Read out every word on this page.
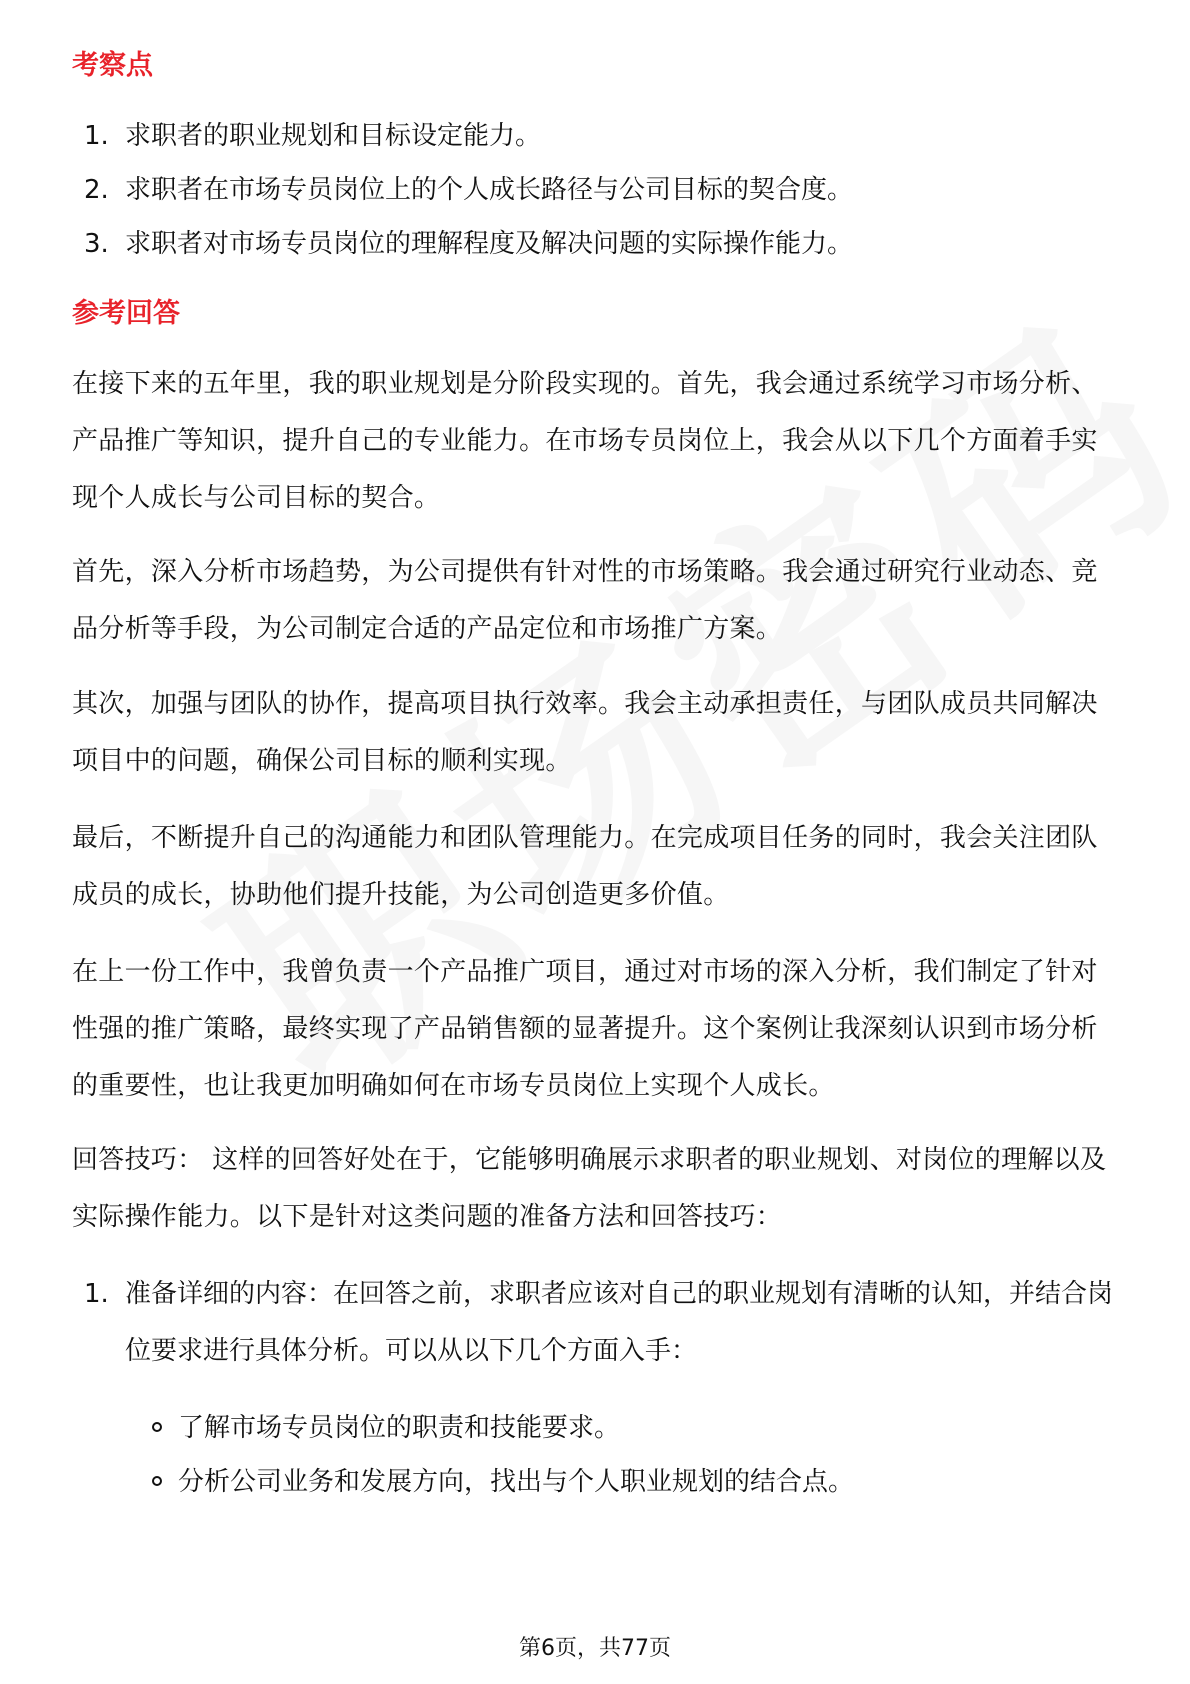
考察点
1. 求职者的职业规划和目标设定能力。
2. 求职者在市场专员岗位上的个人成长路径与公司目标的契合度。
3. 求职者对市场专员岗位的理解程度及解决问题的实际操作能力。
参考回答
在接下来的五年里，我的职业规划是分阶段实现的。首先，我会通过系统学习市场分析、产品推广等知识，提升自己的专业能力。在市场专员岗位上，我会从以下几个方面着手实现个人成长与公司目标的契合。
首先，深入分析市场趋势，为公司提供有针对性的市场策略。我会通过研究行业动态、竞品分析等手段，为公司制定合适的产品定位和市场推广方案。
其次，加强与团队的协作，提高项目执行效率。我会主动承担责任，与团队成员共同解决项目中的问题，确保公司目标的顺利实现。
最后，不断提升自己的沟通能力和团队管理能力。在完成项目任务的同时，我会关注团队成员的成长，协助他们提升技能，为公司创造更多价值。
在上一份工作中，我曾负责一个产品推广项目，通过对市场的深入分析，我们制定了针对性强的推广策略，最终实现了产品销售额的显著提升。这个案例让我深刻认识到市场分析的重要性，也让我更加明确如何在市场专员岗位上实现个人成长。
回答技巧： 这样的回答好处在于，它能够明确展示求职者的职业规划、对岗位的理解以及实际操作能力。以下是针对这类问题的准备方法和回答技巧：
1. 准备详细的内容：在回答之前，求职者应该对自己的职业规划有清晰的认知，并结合岗位要求进行具体分析。可以从以下几个方面入手：
了解市场专员岗位的职责和技能要求。
分析公司业务和发展方向，找出与个人职业规划的结合点。
第6页，共77页
